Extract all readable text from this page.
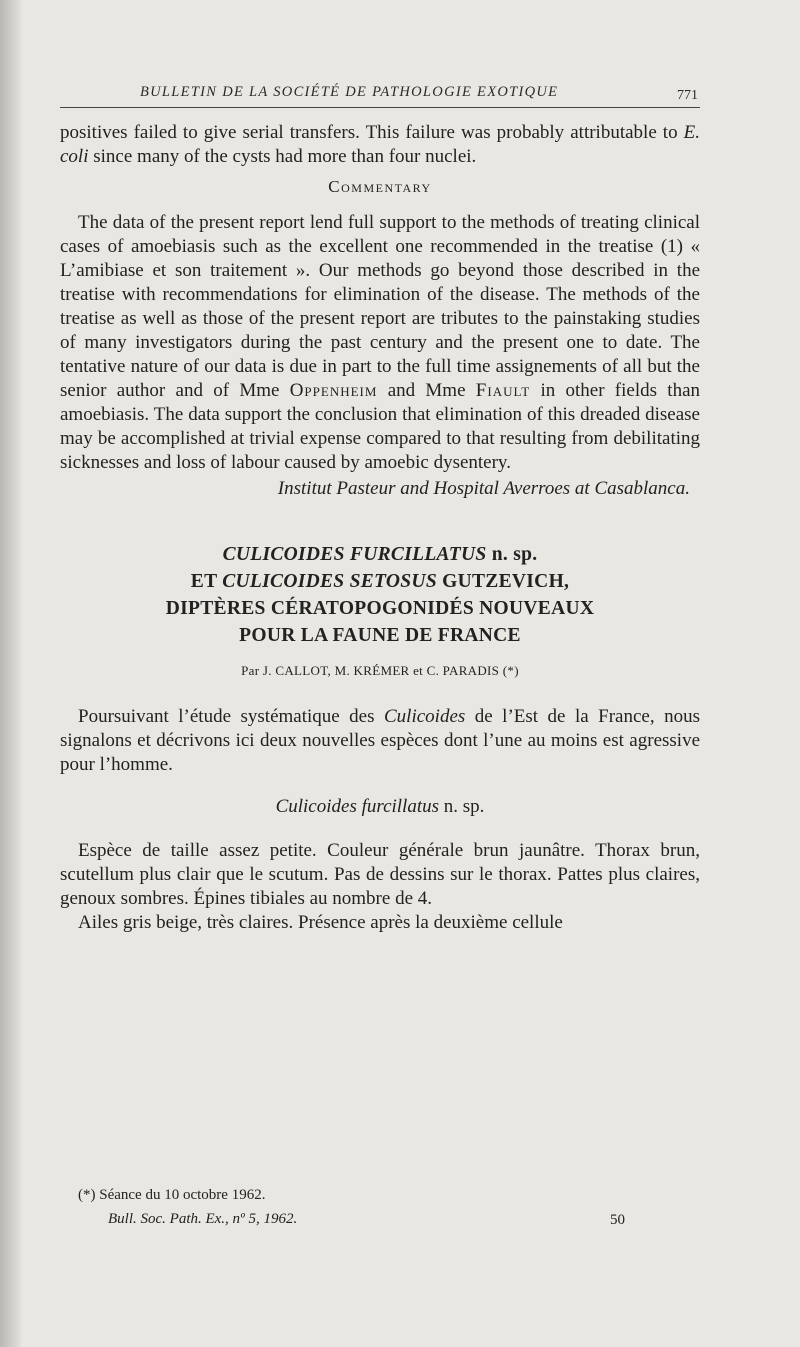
BULLETIN DE LA SOCIÉTÉ DE PATHOLOGIE EXOTIQUE	771

positives failed to give serial transfers. This failure was probably attributable to E. coli since many of the cysts had more than four nuclei.

Commentary

The data of the present report lend full support to the methods of treating clinical cases of amoebiasis such as the excellent one recommended in the treatise (1) « L’amibiase et son traitement ». Our methods go beyond those described in the treatise with recommendations for elimination of the disease. The methods of the treatise as well as those of the present report are tributes to the painstaking studies of many investigators during the past century and the present one to date. The tentative nature of our data is due in part to the full time assignements of all but the senior author and of Mme Oppenheim and Mme Fiault in other fields than amoebiasis. The data support the conclusion that elimination of this dreaded disease may be accomplished at trivial expense compared to that resulting from debilitating sicknesses and loss of labour caused by amoebic dysentery.

Institut Pasteur and Hospital Averroes at Casablanca.

CULICOIDES FURCILLATUS n. sp.
ET CULICOIDES SETOSUS GUTZEVICH,
DIPTÈRES CÉRATOPOGONIDÉS NOUVEAUX
POUR LA FAUNE DE FRANCE
Par J. CALLOT, M. KRÉMER et C. PARADIS (*)

Poursuivant l’étude systématique des Culicoides de l’Est de la France, nous signalons et décrivons ici deux nouvelles espèces dont l’une au moins est agressive pour l’homme.

Culicoides furcillatus n. sp.

Espèce de taille assez petite. Couleur générale brun jaunâtre. Thorax brun, scutellum plus clair que le scutum. Pas de dessins sur le thorax. Pattes plus claires, genoux sombres. Épines tibiales au nombre de 4.

Ailes gris beige, très claires. Présence après la deuxième cellule

(*) Séance du 10 octobre 1962.
Bull. Soc. Path. Ex., nº 5, 1962.	50
